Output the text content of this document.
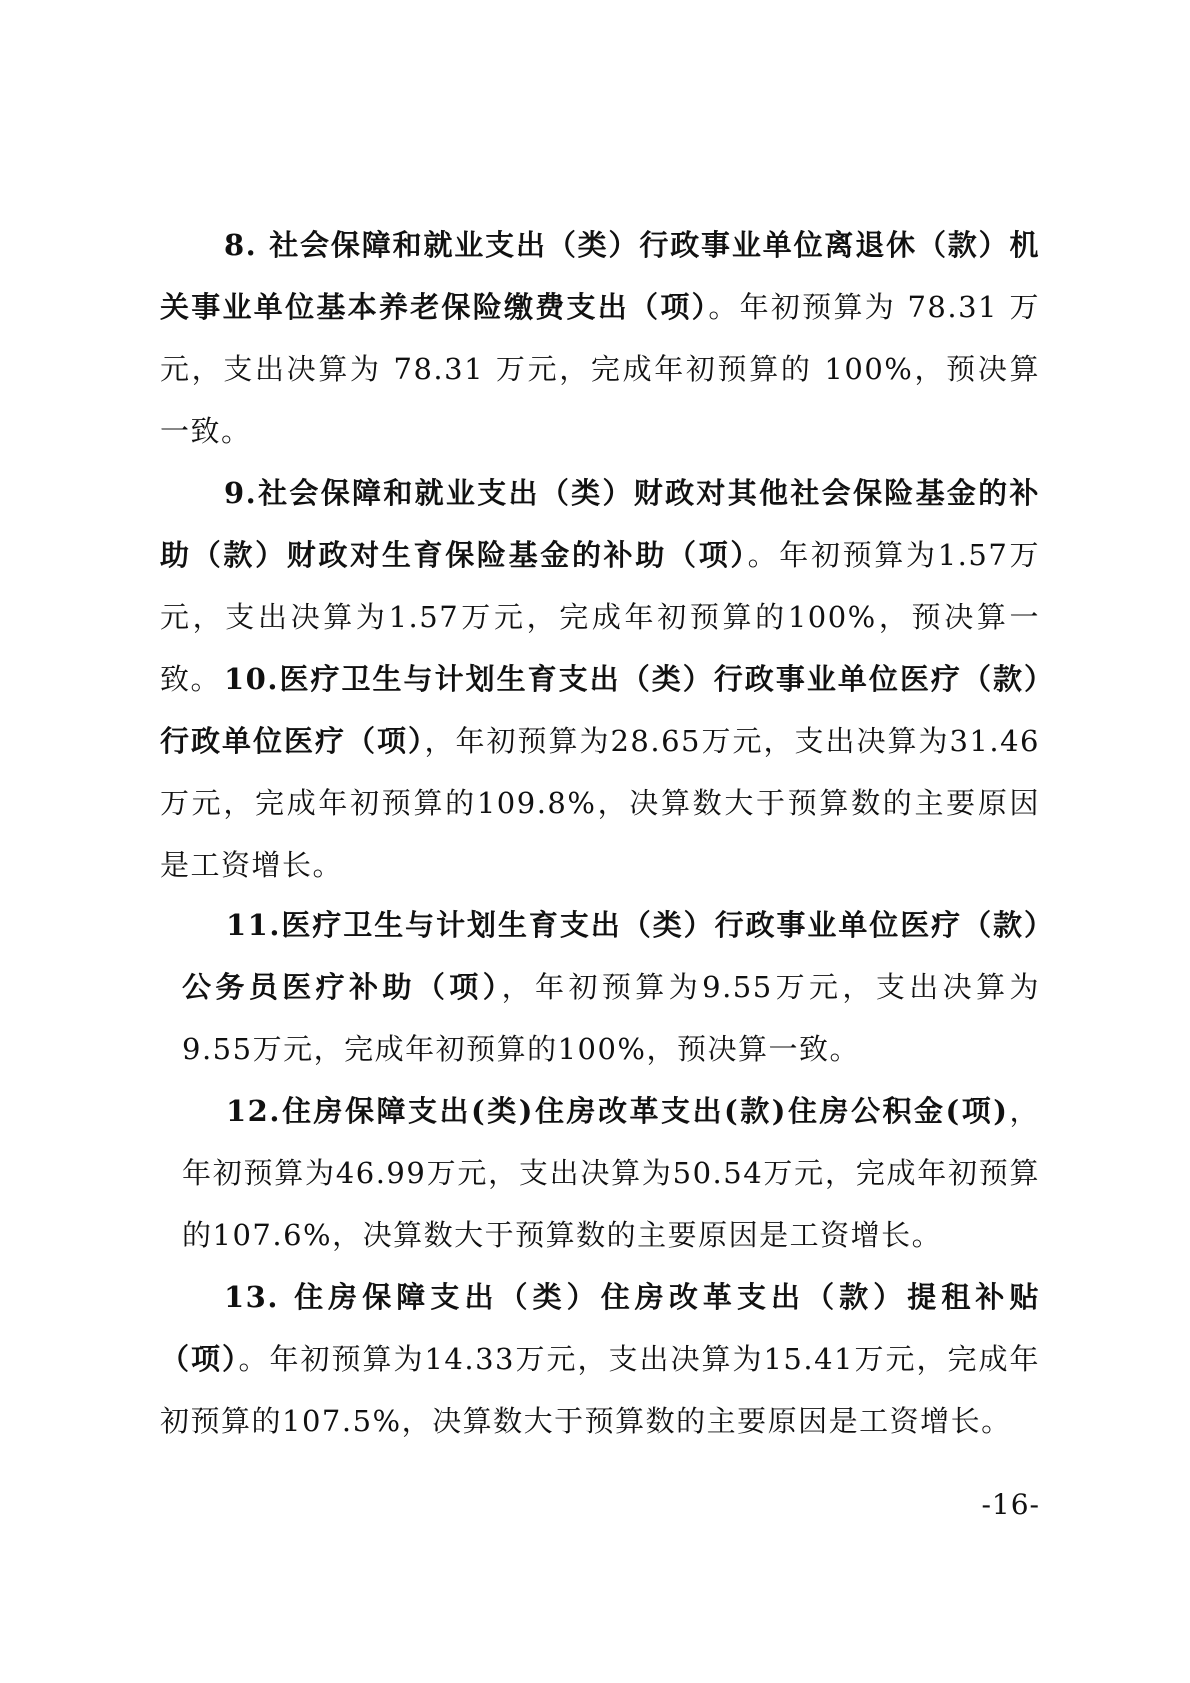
8. 社会保障和就业支出（类）行政事业单位离退休（款）机关事业单位基本养老保险缴费支出（项）。年初预算为 78.31 万元，支出决算为 78.31 万元，完成年初预算的 100%，预决算一致。

9.社会保障和就业支出（类）财政对其他社会保险基金的补助（款）财政对生育保险基金的补助（项）。年初预算为1.57万元，支出决算为1.57万元，完成年初预算的100%，预决算一致。 10.医疗卫生与计划生育支出（类）行政事业单位医疗（款）行政单位医疗（项），年初预算为28.65万元，支出决算为31.46万元，完成年初预算的109.8%，决算数大于预算数的主要原因是工资增长。

11.医疗卫生与计划生育支出（类）行政事业单位医疗（款）公务员医疗补助（项），年初预算为9.55万元，支出决算为9.55万元，完成年初预算的100%，预决算一致。

12.住房保障支出(类)住房改革支出(款)住房公积金(项)，年初预算为46.99万元，支出决算为50.54万元，完成年初预算的107.6%，决算数大于预算数的主要原因是工资增长。

13. 住房保障支出（类）住房改革支出（款）提租补贴（项）。年初预算为14.33万元，支出决算为15.41万元，完成年初预算的107.5%，决算数大于预算数的主要原因是工资增长。

-16-
